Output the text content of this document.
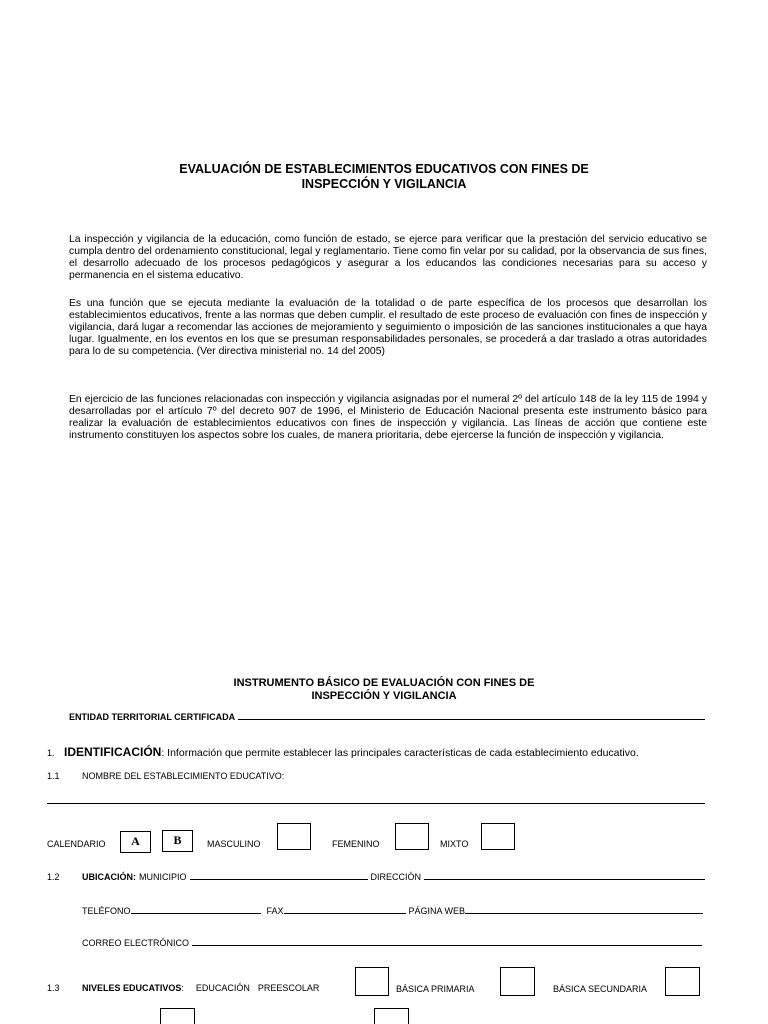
EVALUACIÓN DE ESTABLECIMIENTOS EDUCATIVOS CON FINES DE
INSPECCIÓN Y VIGILANCIA

La inspección y vigilancia de la educación, como función de estado, se ejerce para verificar que la prestación del servicio educativo se cumpla dentro del ordenamiento constitucional, legal y reglamentario. Tiene como fin velar por su calidad, por la observancia de sus fines, el desarrollo adecuado de los procesos pedagógicos y asegurar a los educandos las condiciones necesarias para su acceso y permanencia en el sistema educativo.

Es una función que se ejecuta mediante la evaluación de la totalidad o de parte específica de los procesos que desarrollan los establecimientos educativos, frente a las normas que deben cumplir. el resultado de este proceso de evaluación con fines de inspección y vigilancia, dará lugar a recomendar las acciones de mejoramiento y seguimiento o imposición de las sanciones institucionales a que haya lugar. Igualmente, en los eventos en los que se presuman responsabilidades personales, se procederá a dar traslado a otras autoridades para lo de su competencia. (Ver directiva ministerial no. 14 del 2005)

En ejercicio de las funciones relacionadas con inspección y vigilancia asignadas por el numeral 2º del artículo 148 de la ley 115 de 1994 y desarrolladas por el artículo 7º del decreto 907 de 1996, el Ministerio de Educación Nacional presenta este instrumento básico para realizar la evaluación de establecimientos educativos con fines de inspección y vigilancia. Las líneas de acción que contiene este instrumento constituyen los aspectos sobre los cuales, de manera prioritaria, debe ejercerse la función de inspección y vigilancia.

INSTRUMENTO BÁSICO DE EVALUACIÓN CON FINES DE
INSPECCIÓN Y VIGILANCIA
ENTIDAD TERRITORIAL CERTIFICADA
1. IDENTIFICACIÓN: Información que permite establecer las principales características de cada establecimiento educativo.
1.1 NOMBRE DEL ESTABLECIMIENTO EDUCATIVO:
CALENDARIO	A	B	MASCULINO	FEMENINO	MIXTO
1.2	UBICACIÓN: MUNICIPIO	DIRECCIÓN
TELÉFONO	FAX	PÁGINA WEB
CORREO ELECTRÓNICO
1.3	NIVELES EDUCATIVOS : EDUCACIÓN PREESCOLAR	BÁSICA PRIMARIA	BÁSICA SECUNDARIA
